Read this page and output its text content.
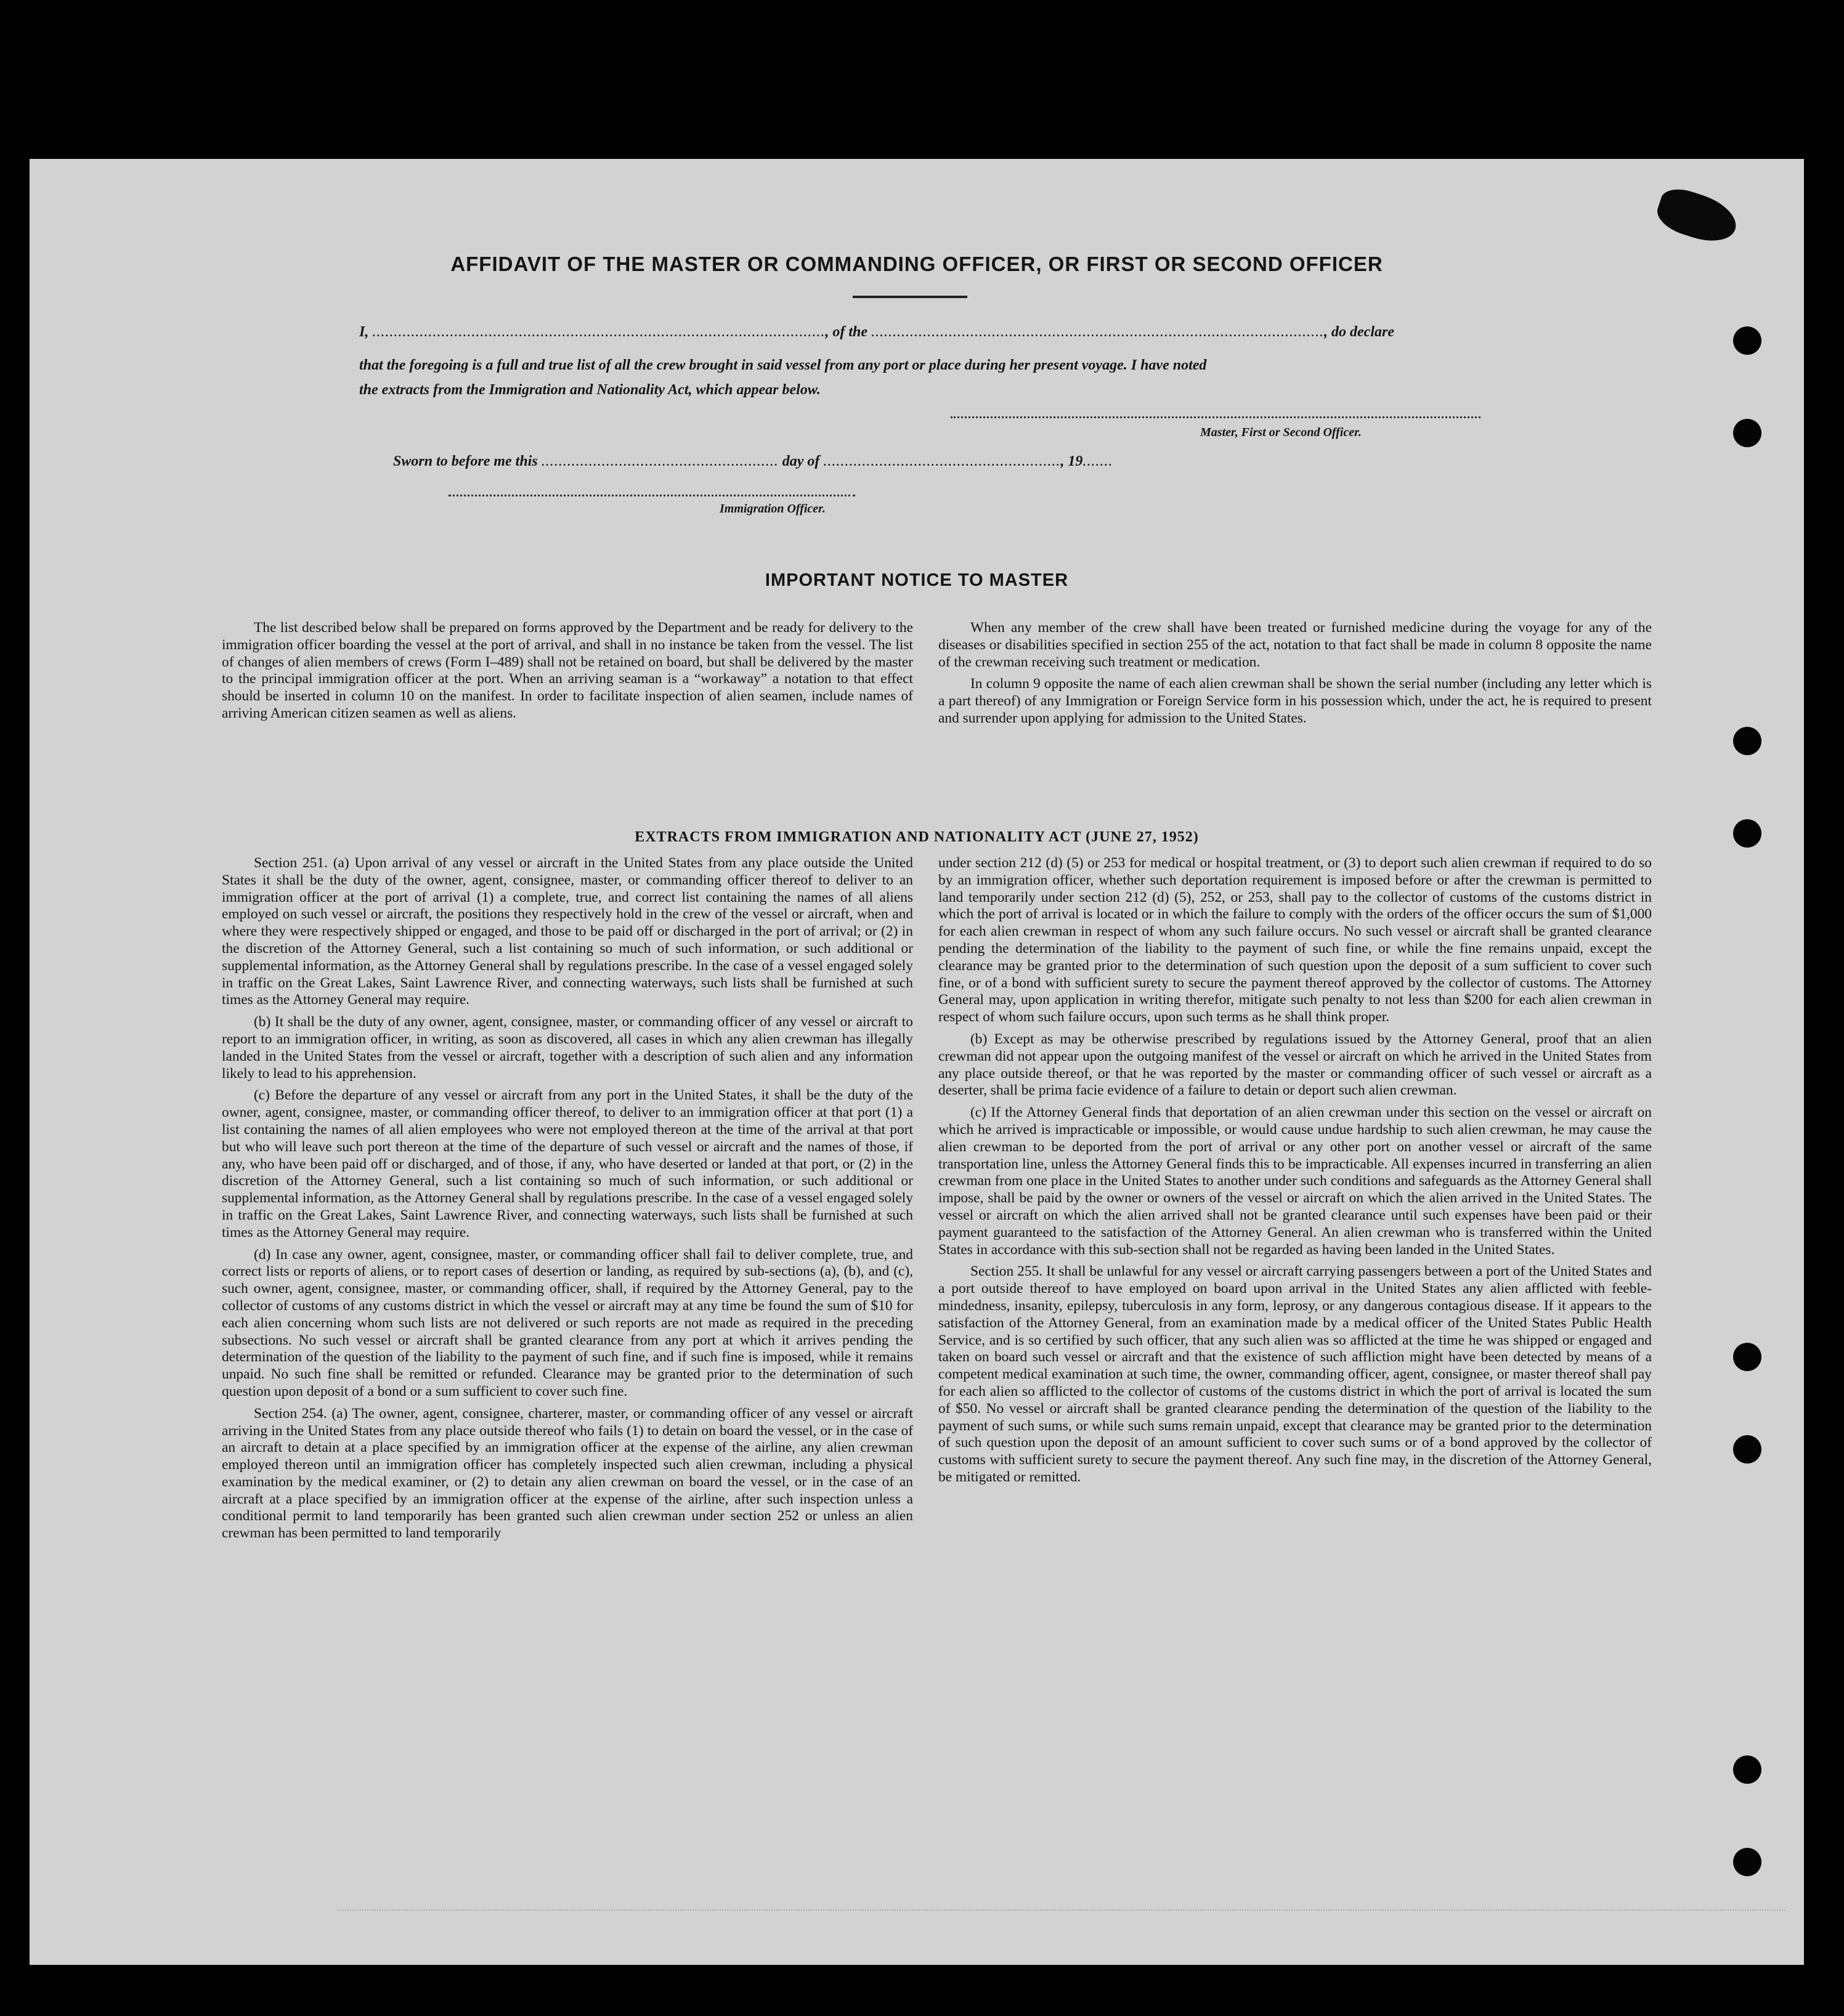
AFFIDAVIT OF THE MASTER OR COMMANDING OFFICER, OR FIRST OR SECOND OFFICER
I, ........................................................................................................., of the ........................................................................................................., do declare
that the foregoing is a full and true list of all the crew brought in said vessel from any port or place during her present voyage. I have noted
the extracts from the Immigration and Nationality Act, which appear below.
Master, First or Second Officer.
Sworn to before me this ....................................................... day of ......................................................., 19.......
Immigration Officer.
IMPORTANT NOTICE TO MASTER

The list described below shall be prepared on forms approved by the Department and be ready for delivery to the immigration officer boarding the vessel at the port of arrival, and shall in no instance be taken from the vessel. The list of changes of alien members of crews (Form I–489) shall not be retained on board, but shall be delivered by the master to the principal immigration officer at the port. When an arriving seaman is a “workaway” a notation to that effect should be inserted in column 10 on the manifest. In order to facilitate inspection of alien seamen, include names of arriving American citizen seamen as well as aliens.

When any member of the crew shall have been treated or furnished medicine during the voyage for any of the diseases or disabilities specified in section 255 of the act, notation to that fact shall be made in column 8 opposite the name of the crewman receiving such treatment or medication.

In column 9 opposite the name of each alien crewman shall be shown the serial number (including any letter which is a part thereof) of any Immigration or Foreign Service form in his possession which, under the act, he is required to present and surrender upon applying for admission to the United States.

EXTRACTS FROM IMMIGRATION AND NATIONALITY ACT (JUNE 27, 1952)

Section 251. (a) Upon arrival of any vessel or aircraft in the United States from any place outside the United States it shall be the duty of the owner, agent, consignee, master, or commanding officer thereof to deliver to an immigration officer at the port of arrival (1) a complete, true, and correct list containing the names of all aliens employed on such vessel or aircraft, the positions they respectively hold in the crew of the vessel or aircraft, when and where they were respectively shipped or engaged, and those to be paid off or discharged in the port of arrival; or (2) in the discretion of the Attorney General, such a list containing so much of such information, or such additional or supplemental information, as the Attorney General shall by regulations prescribe. In the case of a vessel engaged solely in traffic on the Great Lakes, Saint Lawrence River, and connecting waterways, such lists shall be furnished at such times as the Attorney General may require.

(b) It shall be the duty of any owner, agent, consignee, master, or commanding officer of any vessel or aircraft to report to an immigration officer, in writing, as soon as discovered, all cases in which any alien crewman has illegally landed in the United States from the vessel or aircraft, together with a description of such alien and any information likely to lead to his apprehension.

(c) Before the departure of any vessel or aircraft from any port in the United States, it shall be the duty of the owner, agent, consignee, master, or commanding officer thereof, to deliver to an immigration officer at that port (1) a list containing the names of all alien employees who were not employed thereon at the time of the arrival at that port but who will leave such port thereon at the time of the departure of such vessel or aircraft and the names of those, if any, who have been paid off or discharged, and of those, if any, who have deserted or landed at that port, or (2) in the discretion of the Attorney General, such a list containing so much of such information, or such additional or supplemental information, as the Attorney General shall by regulations prescribe. In the case of a vessel engaged solely in traffic on the Great Lakes, Saint Lawrence River, and connecting waterways, such lists shall be furnished at such times as the Attorney General may require.

(d) In case any owner, agent, consignee, master, or commanding officer shall fail to deliver complete, true, and correct lists or reports of aliens, or to report cases of desertion or landing, as required by sub-sections (a), (b), and (c), such owner, agent, consignee, master, or commanding officer, shall, if required by the Attorney General, pay to the collector of customs of any customs district in which the vessel or aircraft may at any time be found the sum of $10 for each alien concerning whom such lists are not delivered or such reports are not made as required in the preceding subsections. No such vessel or aircraft shall be granted clearance from any port at which it arrives pending the determination of the question of the liability to the payment of such fine, and if such fine is imposed, while it remains unpaid. No such fine shall be remitted or refunded. Clearance may be granted prior to the determination of such question upon deposit of a bond or a sum sufficient to cover such fine.

Section 254. (a) The owner, agent, consignee, charterer, master, or commanding officer of any vessel or aircraft arriving in the United States from any place outside thereof who fails (1) to detain on board the vessel, or in the case of an aircraft to detain at a place specified by an immigration officer at the expense of the airline, any alien crewman employed thereon until an immigration officer has completely inspected such alien crewman, including a physical examination by the medical examiner, or (2) to detain any alien crewman on board the vessel, or in the case of an aircraft at a place specified by an immigration officer at the expense of the airline, after such inspection unless a conditional permit to land temporarily has been granted such alien crewman under section 252 or unless an alien crewman has been permitted to land temporarily

under section 212 (d) (5) or 253 for medical or hospital treatment, or (3) to deport such alien crewman if required to do so by an immigration officer, whether such deportation requirement is imposed before or after the crewman is permitted to land temporarily under section 212 (d) (5), 252, or 253, shall pay to the collector of customs of the customs district in which the port of arrival is located or in which the failure to comply with the orders of the officer occurs the sum of $1,000 for each alien crewman in respect of whom any such failure occurs. No such vessel or aircraft shall be granted clearance pending the determination of the liability to the payment of such fine, or while the fine remains unpaid, except the clearance may be granted prior to the determination of such question upon the deposit of a sum sufficient to cover such fine, or of a bond with sufficient surety to secure the payment thereof approved by the collector of customs. The Attorney General may, upon application in writing therefor, mitigate such penalty to not less than $200 for each alien crewman in respect of whom such failure occurs, upon such terms as he shall think proper.

(b) Except as may be otherwise prescribed by regulations issued by the Attorney General, proof that an alien crewman did not appear upon the outgoing manifest of the vessel or aircraft on which he arrived in the United States from any place outside thereof, or that he was reported by the master or commanding officer of such vessel or aircraft as a deserter, shall be prima facie evidence of a failure to detain or deport such alien crewman.

(c) If the Attorney General finds that deportation of an alien crewman under this section on the vessel or aircraft on which he arrived is impracticable or impossible, or would cause undue hardship to such alien crewman, he may cause the alien crewman to be deported from the port of arrival or any other port on another vessel or aircraft of the same transportation line, unless the Attorney General finds this to be impracticable. All expenses incurred in transferring an alien crewman from one place in the United States to another under such conditions and safeguards as the Attorney General shall impose, shall be paid by the owner or owners of the vessel or aircraft on which the alien arrived in the United States. The vessel or aircraft on which the alien arrived shall not be granted clearance until such expenses have been paid or their payment guaranteed to the satisfaction of the Attorney General. An alien crewman who is transferred within the United States in accordance with this sub-section shall not be regarded as having been landed in the United States.

Section 255. It shall be unlawful for any vessel or aircraft carrying passengers between a port of the United States and a port outside thereof to have employed on board upon arrival in the United States any alien afflicted with feeble-mindedness, insanity, epilepsy, tuberculosis in any form, leprosy, or any dangerous contagious disease. If it appears to the satisfaction of the Attorney General, from an examination made by a medical officer of the United States Public Health Service, and is so certified by such officer, that any such alien was so afflicted at the time he was shipped or engaged and taken on board such vessel or aircraft and that the existence of such affliction might have been detected by means of a competent medical examination at such time, the owner, commanding officer, agent, consignee, or master thereof shall pay for each alien so afflicted to the collector of customs of the customs district in which the port of arrival is located the sum of $50. No vessel or aircraft shall be granted clearance pending the determination of the question of the liability to the payment of such sums, or while such sums remain unpaid, except that clearance may be granted prior to the determination of such question upon the deposit of an amount sufficient to cover such sums or of a bond approved by the collector of customs with sufficient surety to secure the payment thereof. Any such fine may, in the discretion of the Attorney General, be mitigated or remitted.
